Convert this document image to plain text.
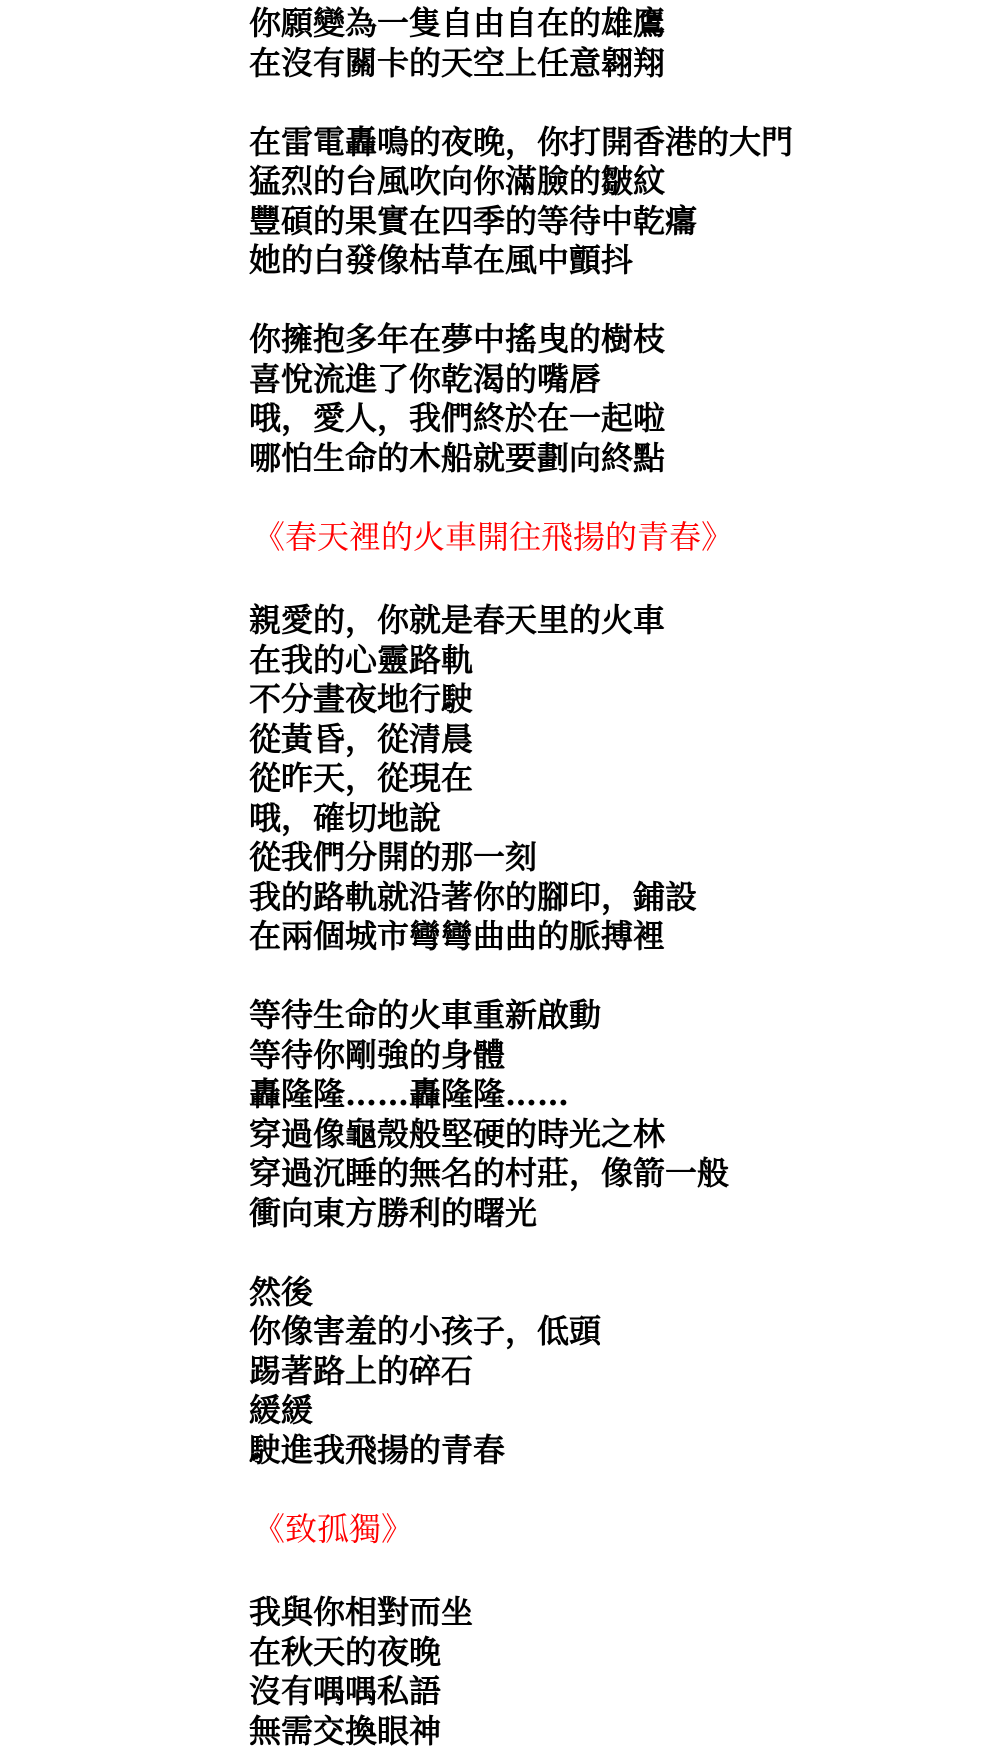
你願變為一隻自由自在的雄鷹
在沒有關卡的天空上任意翱翔
在雷電轟鳴的夜晚，你打開香港的大門
猛烈的台風吹向你滿臉的皺紋
豐碩的果實在四季的等待中乾癟
她的白發像枯草在風中顫抖
你擁抱多年在夢中搖曳的樹枝
喜悅流進了你乾渴的嘴唇
哦，愛人，我們終於在一起啦
哪怕生命的木船就要劃向終點
《春天裡的火車開往飛揚的青春》
親愛的，你就是春天里的火車
在我的心靈路軌
不分晝夜地行駛
從黃昏，從清晨
從昨天，從現在
哦，確切地說
從我們分開的那一刻
我的路軌就沿著你的腳印，鋪設
在兩個城市彎彎曲曲的脈搏裡
等待生命的火車重新啟動
等待你剛強的身體
轟隆隆……轟隆隆……
穿過像龜殼般堅硬的時光之林
穿過沉睡的無名的村莊，像箭一般
衝向東方勝利的曙光
然後
你像害羞的小孩子，低頭
踢著路上的碎石
緩緩
駛進我飛揚的青春
《致孤獨》
我與你相對而坐
在秋天的夜晚
沒有喁喁私語
無需交換眼神
